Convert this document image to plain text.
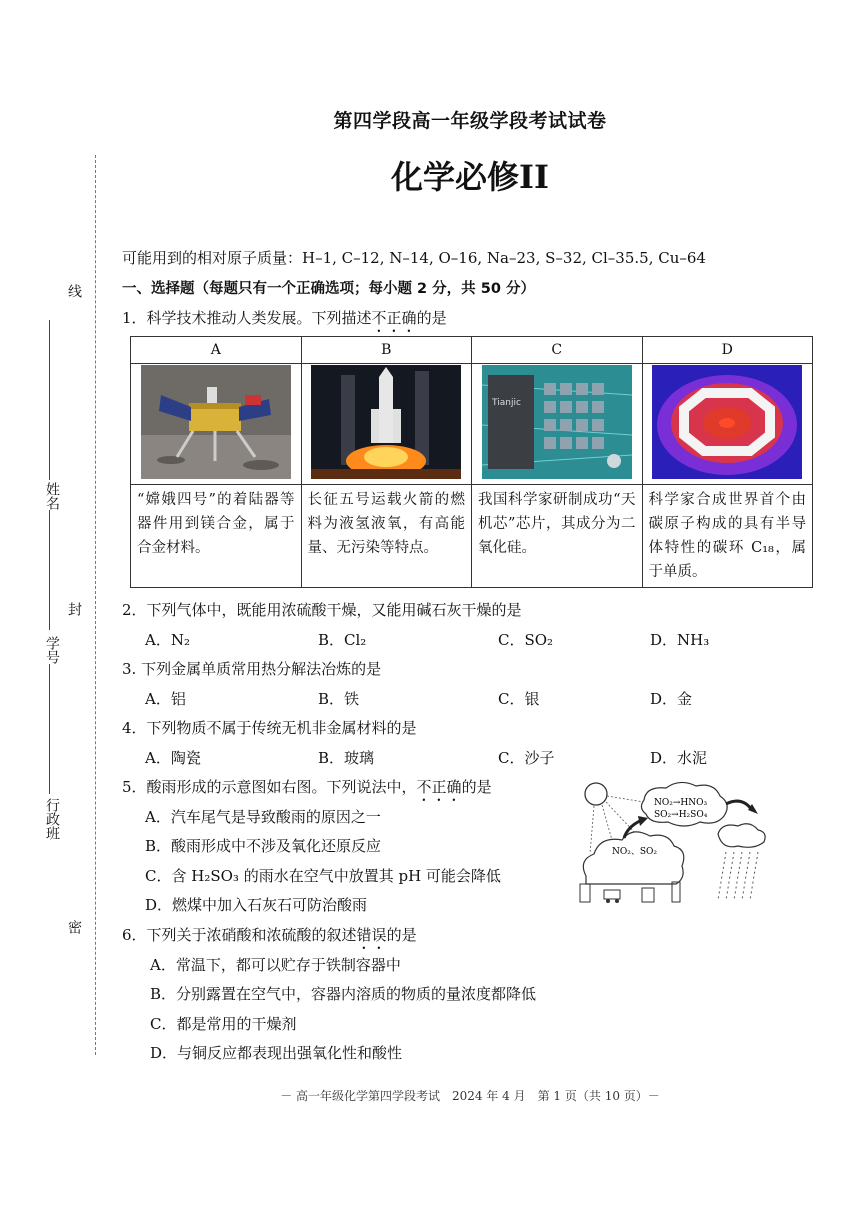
第四学段高一年级学段考试试卷
化学必修II
线
姓名
封
学号
行政班
密
可能用到的相对原子质量：H–1, C–12, N–14, O–16, Na–23, S–32, Cl–35.5, Cu–64
一、选择题（每题只有一个正确选项；每小题 2 分，共 50 分）
1．科学技术推动人类发展。下列描述不正确的是
A	B	C	D

Tianjic

“嫦娥四号”的着陆器等器件用到镁合金，属于合金材料。	长征五号运载火箭的燃料为液氢液氧，有高能量、无污染等特点。	我国科学家研制成功“天机芯”芯片，其成分为二氧化硅。	科学家合成世界首个由碳原子构成的具有半导体特性的碳环 C₁₈，属于单质。
2．下列气体中，既能用浓硫酸干燥，又能用碱石灰干燥的是
A．N₂	B．Cl₂	C．SO₂	D．NH₃
3. 下列金属单质常用热分解法冶炼的是
A．铝	B．铁	C．银	D．金
4．下列物质不属于传统无机非金属材料的是
A．陶瓷	B．玻璃	C．沙子	D．水泥
5．酸雨形成的示意图如右图。下列说法中，不正确的是
A．汽车尾气是导致酸雨的原因之一
B．酸雨形成中不涉及氧化还原反应
C．含 H₂SO₃ 的雨水在空气中放置其 pH 可能会降低
D．燃煤中加入石灰石可防治酸雨
NO₂→HNO₃
SO₂→H₂SO₄
NO₂、SO₂
6．下列关于浓硝酸和浓硫酸的叙述错误的是
A．常温下，都可以贮存于铁制容器中
B．分别露置在空气中，容器内溶质的物质的量浓度都降低
C．都是常用的干燥剂
D．与铜反应都表现出强氧化性和酸性
－ 高一年级化学第四学段考试　2024 年 4 月　第 1 页（共 10 页）－
